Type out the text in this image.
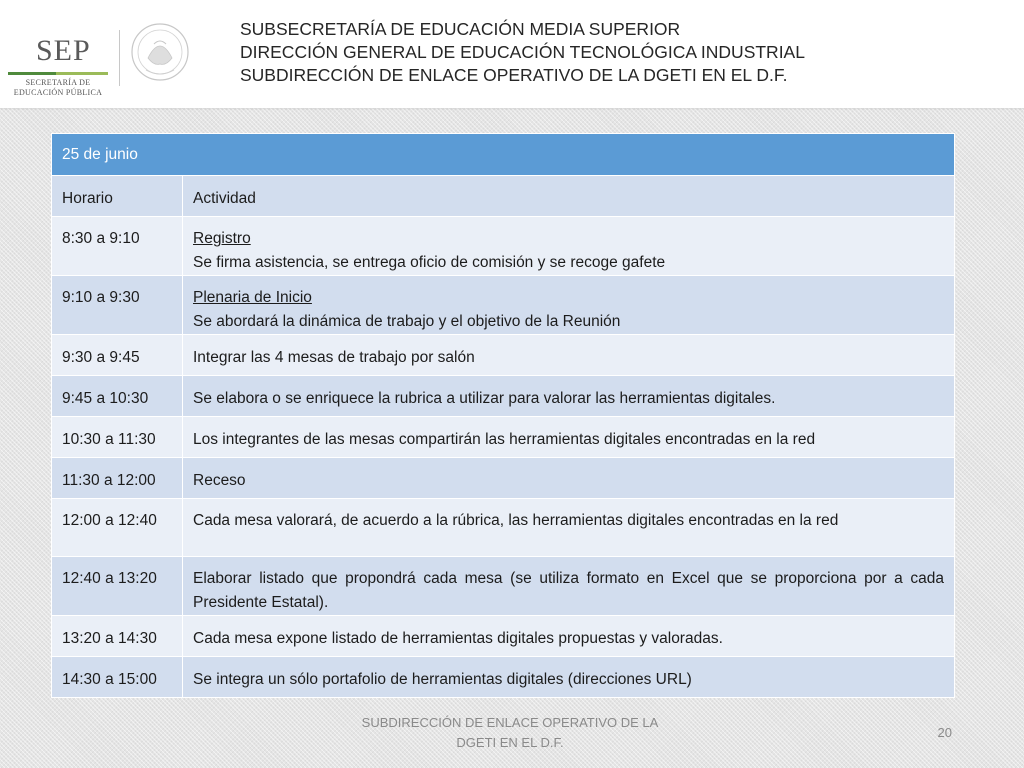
SEP
SECRETARÍA DE
EDUCACIÓN PÚBLICA
SUBSECRETARÍA DE EDUCACIÓN MEDIA SUPERIOR
DIRECCIÓN GENERAL DE EDUCACIÓN TECNOLÓGICA INDUSTRIAL
SUBDIRECCIÓN DE ENLACE OPERATIVO DE LA DGETI EN EL D.F.
25 de junio	

Horario	Actividad

8:30 a 9:10	Registro
Se firma asistencia, se entrega oficio de comisión y se recoge gafete

9:10 a 9:30	Plenaria de Inicio
Se abordará la dinámica de trabajo y el objetivo de la Reunión

9:30 a 9:45	Integrar las 4 mesas de trabajo por salón

9:45 a 10:30	Se elabora o se enriquece la rubrica a utilizar para valorar las herramientas digitales.

10:30 a 11:30	Los integrantes de las mesas compartirán las herramientas digitales encontradas en la red

11:30 a 12:00	Receso

12:00 a 12:40	Cada mesa valorará, de acuerdo a la rúbrica, las herramientas digitales encontradas en la red

12:40 a 13:20	Elaborar listado que propondrá cada mesa (se utiliza formato en Excel que se proporciona por a cada Presidente Estatal).

13:20 a 14:30	Cada mesa expone listado de herramientas digitales propuestas y valoradas.

14:30 a 15:00	Se integra un sólo portafolio de herramientas digitales (direcciones URL)
SUBDIRECCIÓN DE ENLACE OPERATIVO DE LA
DGETI EN EL D.F.
20
